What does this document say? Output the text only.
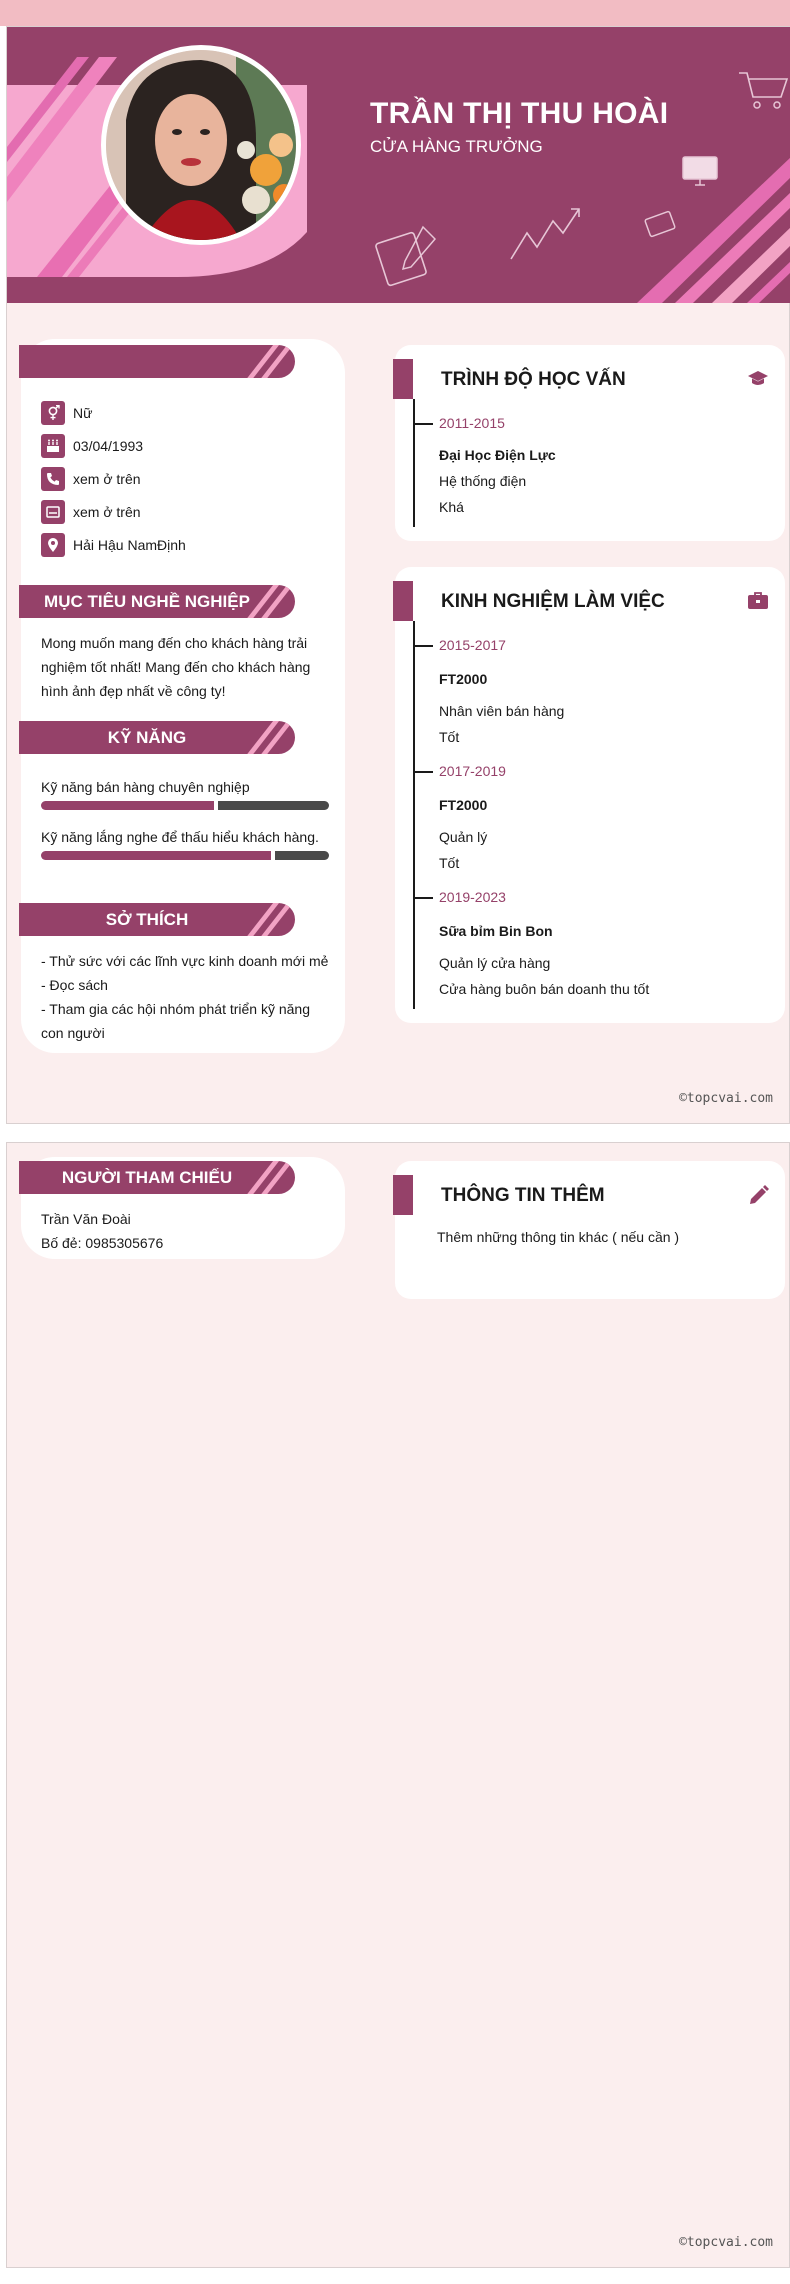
TRẦN THỊ THU HOÀI
CỬA HÀNG TRƯỞNG
Nữ
03/04/1993
xem ở trên
xem ở trên
Hải Hậu NamĐịnh
MỤC TIÊU NGHỀ NGHIỆP
Mong muốn mang đến cho khách hàng trải
nghiệm tốt nhất! Mang đến cho khách hàng
hình ảnh đẹp nhất về công ty!
KỸ NĂNG
Kỹ năng bán hàng chuyên nghiệp
Kỹ năng lắng nghe để thấu hiểu khách hàng.
SỞ THÍCH
- Thử sức với các lĩnh vực kinh doanh mới mẻ
- Đọc sách
- Tham gia các hội nhóm phát triển kỹ năng
con người
TRÌNH ĐỘ HỌC VẤN
2011-2015
Đại Học Điện Lực
Hệ thống điện
Khá
KINH NGHIỆM LÀM VIỆC
2015-2017
FT2000
Nhân viên bán hàng
Tốt
2017-2019
FT2000
Quản lý
Tốt
2019-2023
Sữa bỉm Bin Bon
Quản lý cửa hàng
Cửa hàng buôn bán doanh thu tốt
©topcvai.com
NGƯỜI THAM CHIẾU
Trần Văn Đoài
Bố đẻ: 0985305676
THÔNG TIN THÊM
Thêm những thông tin khác ( nếu cần )
©topcvai.com
